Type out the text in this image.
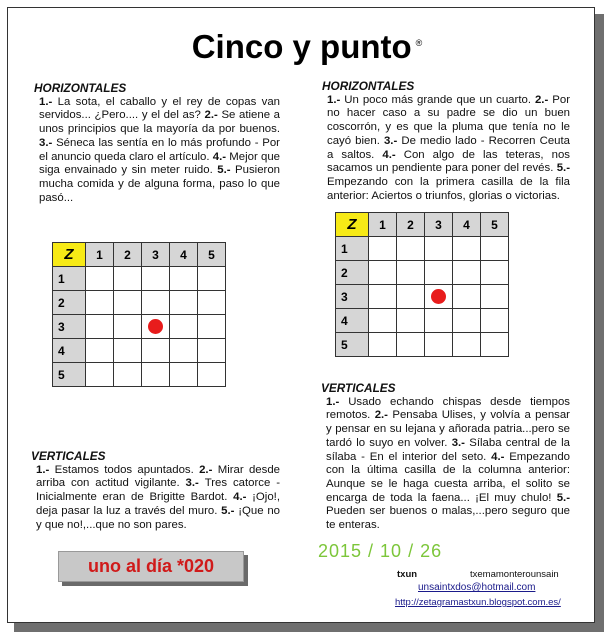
Cinco y punto ®
HORIZONTALES
1.- La sota, el caballo y el rey de copas van servidos... ¿Pero.... y el del as? 2.- Se atiene a unos principios que la mayoría da por buenos. 3.- Séneca las sentía en lo más profundo - Por el anuncio queda claro el artículo. 4.- Mejor que siga envainado y sin meter ruido. 5.- Pusieron mucha comida y de alguna forma, paso lo que pasó...
Z	1	2	3	4	5
1					
2					
3			

4					
5					
VERTICALES
1.- Estamos todos apuntados. 2.- Mirar desde arriba con actitud vigilante. 3.- Tres catorce - Inicialmente eran de Brigitte Bardot. 4.- ¡Ojo!, deja pasar la luz a través del muro. 5.- ¡Que no y que no!,...que no son pares.
HORIZONTALES
1.- Un poco más grande que un cuarto. 2.- Por no hacer caso a su padre se dio un buen coscorrón, y es que la pluma que tenía no le cayó bien. 3.- De medio lado - Recorren Ceuta a saltos. 4.- Con algo de las teteras, nos sacamos un pendiente para poner del revés. 5.- Empezando con la primera casilla de la fila anterior: Aciertos o triunfos, glorias o victorias.
Z	1	2	3	4	5
1					
2					
3			

4					
5					
VERTICALES
1.- Usado echando chispas desde tiempos remotos. 2.- Pensaba Ulises, y volvía a pensar y pensar en su lejana y añorada patria...pero se tardó lo suyo en volver. 3.- Sílaba central de la sílaba - En el interior del seto. 4.- Empezando con la última casilla de la columna anterior: Aunque se le haga cuesta arriba, el solito se encarga de toda la faena... ¡El muy chulo! 5.- Pueden ser buenos o malas,...pero seguro que te enteras.
uno al día *020
2015 / 10 / 26
txun	txemamonterounsain
unsaintxdos@hotmail.com
http://zetagramastxun.blogspot.com.es/
